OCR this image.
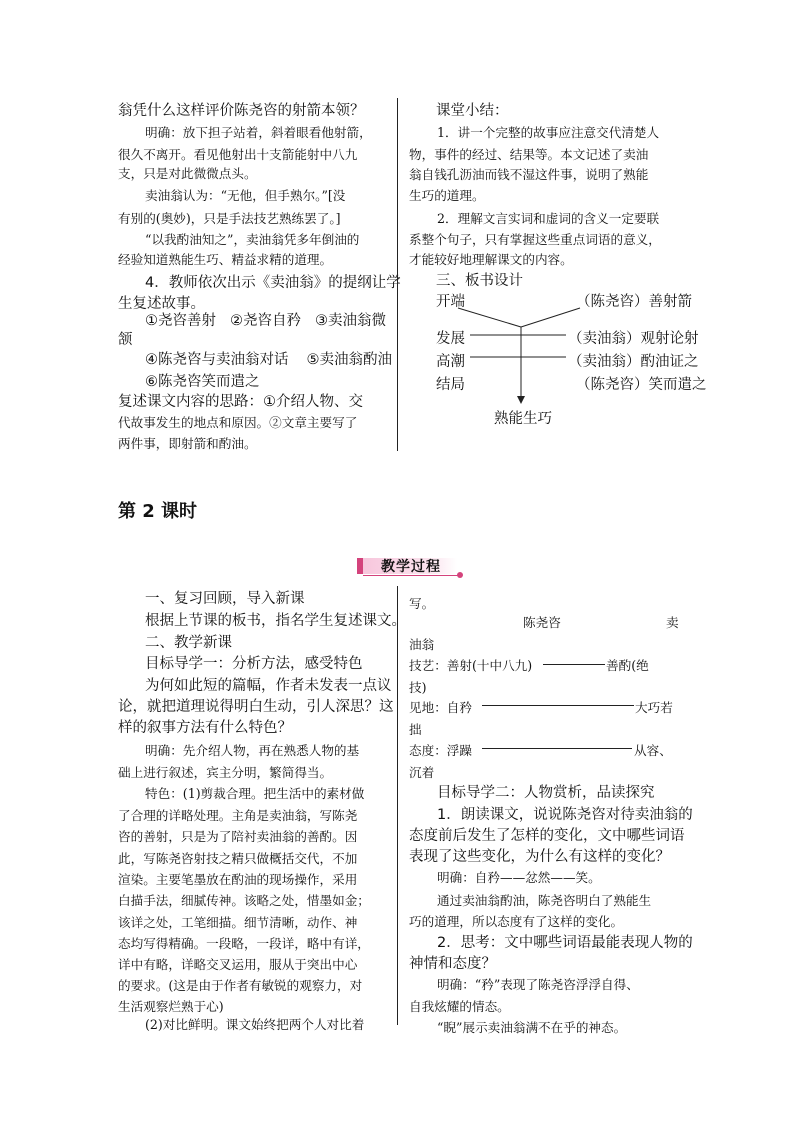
翁凭什么这样评价陈尧咨的射箭本领？
明确：放下担子站着，斜着眼看他射箭，
很久不离开。看见他射出十支箭能射中八九
支，只是对此微微点头。
卖油翁认为：“无他，但手熟尔。”[没
有别的(奥妙)，只是手法技艺熟练罢了。]
“以我酌油知之”，卖油翁凭多年倒油的
经验知道熟能生巧、精益求精的道理。
4．教师依次出示《卖油翁》的提纲让学
生复述故事。
①尧咨善射 ②尧咨自矜 ③卖油翁微
颔
④陈尧咨与卖油翁对话 ⑤卖油翁酌油
⑥陈尧咨笑而遣之
复述课文内容的思路：①介绍人物、交
代故事发生的地点和原因。②文章主要写了
两件事，即射箭和酌油。
课堂小结：
1．讲一个完整的故事应注意交代清楚人
物，事件的经过、结果等。本文记述了卖油
翁自钱孔沥油而钱不湿这件事，说明了熟能
生巧的道理。
2．理解文言实词和虚词的含义一定要联
系整个句子，只有掌握这些重点词语的意义，
才能较好地理解课文的内容。
三、板书设计
开端	（陈尧咨）善射箭
发展	（卖油翁）观射论射
高潮	（卖油翁）酌油证之
结局	（陈尧咨）笑而遣之
熟能生巧
第 2 课时
教学过程
一、复习回顾，导入新课
根据上节课的板书，指名学生复述课文。
二、教学新课
目标导学一：分析方法，感受特色
为何如此短的篇幅，作者未发表一点议
论，就把道理说得明白生动，引人深思？这
样的叙事方法有什么特色？
明确：先介绍人物，再在熟悉人物的基
础上进行叙述，宾主分明，繁简得当。
特色：(1)剪裁合理。把生活中的素材做
了合理的详略处理。主角是卖油翁，写陈尧
咨的善射，只是为了陪衬卖油翁的善酌。因
此，写陈尧咨射技之精只做概括交代，不加
渲染。主要笔墨放在酌油的现场操作，采用
白描手法，细腻传神。该略之处，惜墨如金；
该详之处，工笔细描。细节清晰，动作、神
态均写得精确。一段略，一段详，略中有详，
详中有略，详略交叉运用，服从于突出中心
的要求。(这是由于作者有敏锐的观察力，对
生活观察烂熟于心)
(2)对比鲜明。课文始终把两个人对比着
写。
陈尧咨	卖
油翁
技艺：善射(十中八九)	善酌(绝
技)
见地：自矜	大巧若
拙
态度：浮躁	从容、
沉着
目标导学二：人物赏析，品读探究
1．朗读课文，说说陈尧咨对待卖油翁的
态度前后发生了怎样的变化，文中哪些词语
表现了这些变化，为什么有这样的变化？
明确：自矜——忿然——笑。
通过卖油翁酌油，陈尧咨明白了熟能生
巧的道理，所以态度有了这样的变化。
2．思考：文中哪些词语最能表现人物的
神情和态度？
明确：“矜”表现了陈尧咨浮浮自得、
自我炫耀的情态。
“睨”展示卖油翁满不在乎的神态。
